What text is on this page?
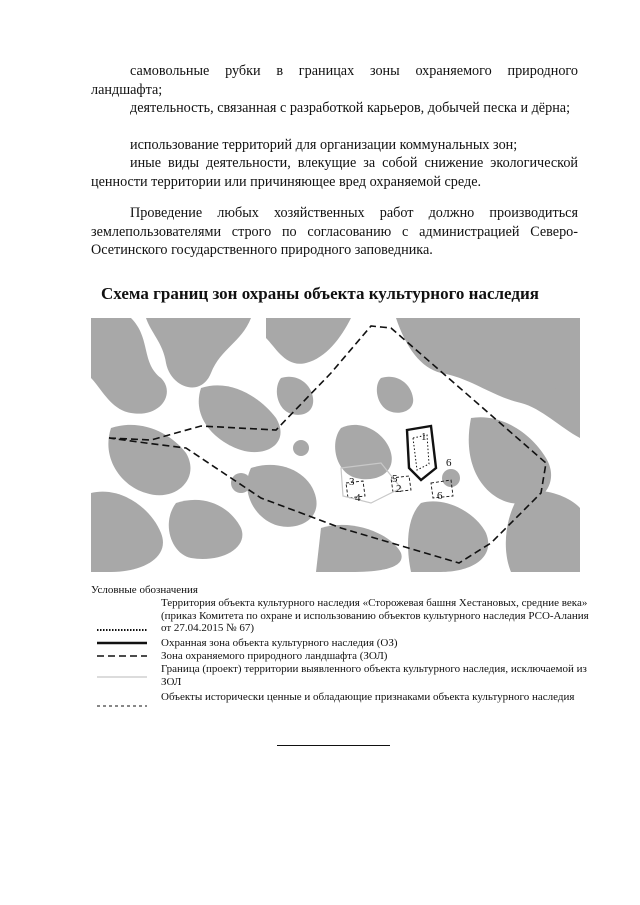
самовольные рубки в границах зоны охраняемого природного ландшафта;

деятельность, связанная с разработкой карьеров, добычей песка и дёрна;

использование территорий для организации коммунальных зон;

иные виды деятельности, влекущие за собой снижение экологической ценности территории или причиняющее вред охраняемой среде.

Проведение любых хозяйственных работ должно производиться землепользователями строго по согласованию с администрацией Северо-Осетинского государственного природного заповедника.

Схема границ зон охраны объекта культурного наследия
1
2
3
4
5
6
6

Условные обозначения

Территория объекта культурного наследия «Сторожевая башня Хестановых, средние века» (приказ Комитета по охране и использованию объектов культурного наследия РСО-Алания от 27.04.2015 № 67)

Охранная зона объекта культурного наследия (ОЗ)

Зона охраняемого природного ландшафта (ЗОЛ)

Граница (проект) территории выявленного объекта культурного наследия, исключаемой из ЗОЛ

Объекты исторически ценные и обладающие признаками объекта культурного наследия
